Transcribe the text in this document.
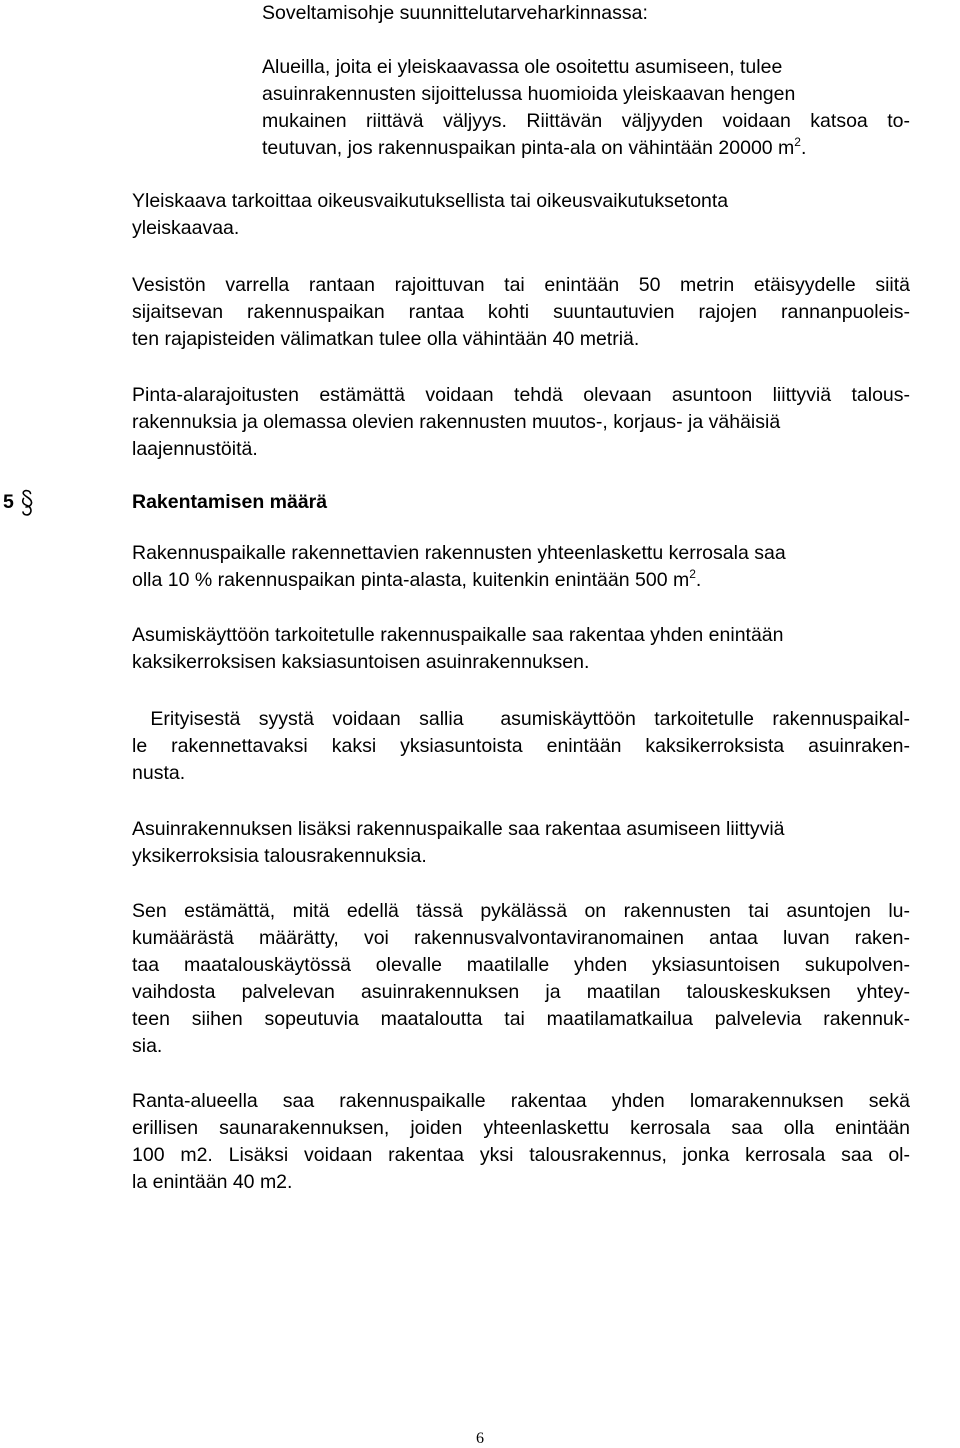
Soveltamisohje suunnittelutarveharkinnassa:

Alueilla, joita ei yleiskaavassa ole osoitettu asumiseen, tulee
asuinrakennusten sijoittelussa huomioida yleiskaavan hengen
mukainen riittävä väljyys. Riittävän väljyyden voidaan katsoa to-
teutuvan, jos rakennuspaikan pinta-ala on vähintään 20000 $m^2$.

Yleiskaava tarkoittaa oikeusvaikutuksellista tai oikeusvaikutuksetonta
yleiskaavaa.

Vesistön varrella rantaan rajoittuvan tai enintään 50 metrin etäisyydelle siitä
sijaitsevan rakennuspaikan rantaa kohti suuntautuvien rajojen rannanpuoleis-
ten rajapisteiden välimatkan tulee olla vähintään 40 metriä.

Pinta-alarajoitusten estämättä voidaan tehdä olevaan asuntoon liittyviä talous-
rakennuksia ja olemassa olevien rakennusten muutos-, korjaus- ja vähäisiä
laajennustöitä.

5	Rakentamisen määrä

Rakennuspaikalle rakennettavien rakennusten yhteenlaskettu kerrosala saa
olla 10 % rakennuspaikan pinta-alasta, kuitenkin enintään 500 $m^2$.

Asumiskäyttöön tarkoitetulle rakennuspaikalle saa rakentaa yhden enintään
kaksikerroksisen kaksiasuntoisen asuinrakennuksen.

Erityisestä syystä voidaan sallia  asumiskäyttöön tarkoitetulle rakennuspaikal-
le rakennettavaksi kaksi yksiasuntoista enintään kaksikerroksista asuinraken-
nusta.

Asuinrakennuksen lisäksi rakennuspaikalle saa rakentaa asumiseen liittyviä
yksikerroksisia talousrakennuksia.

Sen estämättä, mitä edellä tässä pykälässä on rakennusten tai asuntojen lu-
kumäärästä määrätty, voi rakennusvalvontaviranomainen antaa luvan raken-
taa maatalouskäytössä olevalle maatilalle yhden yksiasuntoisen sukupolven-
vaihdosta palvelevan asuinrakennuksen ja maatilan talouskeskuksen yhtey-
teen siihen sopeutuvia maataloutta tai maatilamatkailua palvelevia rakennuk-
sia.

Ranta-alueella saa rakennuspaikalle rakentaa yhden lomarakennuksen sekä
erillisen saunarakennuksen, joiden yhteenlaskettu kerrosala saa olla enintään
100 m2. Lisäksi voidaan rakentaa yksi talousrakennus, jonka kerrosala saa ol-
la enintään 40 m2.

6
